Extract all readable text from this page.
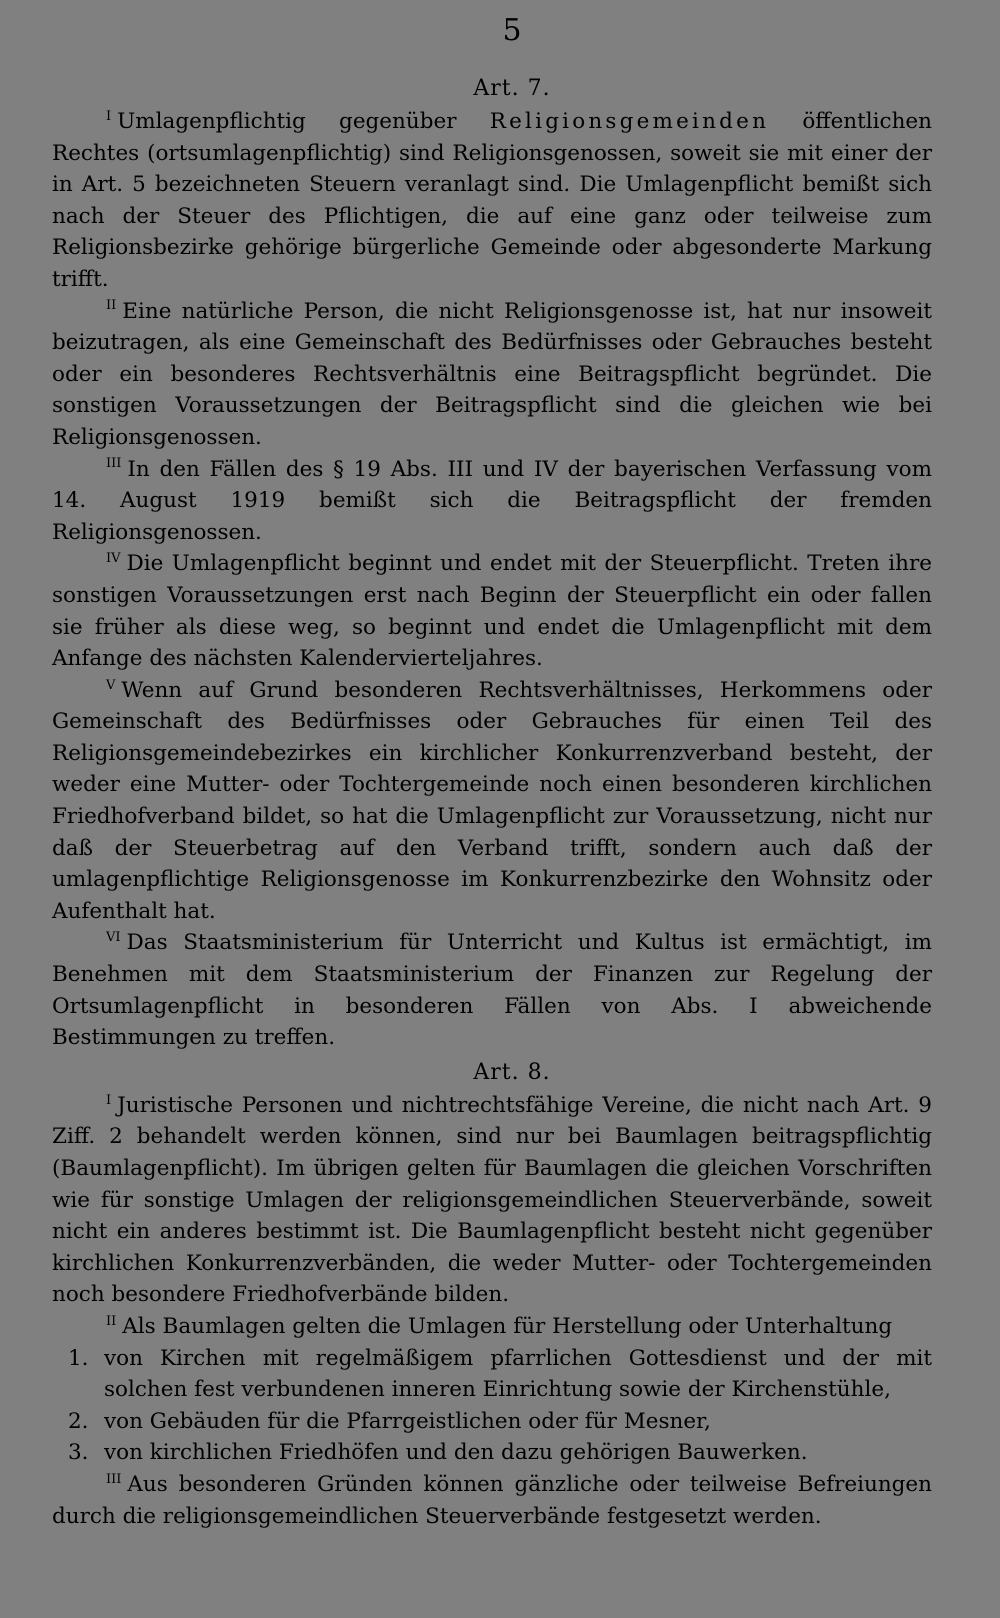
5
Art. 7.

$^I$ Umlagenpflichtig gegenüber Religionsgemeinden öffentlichen Rechtes (ortsumlagenpflichtig) sind Religionsgenossen, soweit sie mit einer der in Art. 5 bezeichneten Steuern veranlagt sind. Die Umlagenpflicht bemißt sich nach der Steuer des Pflichtigen, die auf eine ganz oder teilweise zum Religionsbezirke gehörige bürgerliche Gemeinde oder abgesonderte Markung trifft.

$^{II}$ Eine natürliche Person, die nicht Religionsgenosse ist, hat nur insoweit beizutragen, als eine Gemeinschaft des Bedürfnisses oder Gebrauches besteht oder ein besonderes Rechtsverhältnis eine Beitragspflicht begründet. Die sonstigen Voraussetzungen der Beitragspflicht sind die gleichen wie bei Religionsgenossen.

$^{III}$ In den Fällen des § 19 Abs. III und IV der bayerischen Verfassung vom 14. August 1919 bemißt sich die Beitragspflicht der fremden Religionsgenossen.

$^{IV}$ Die Umlagenpflicht beginnt und endet mit der Steuerpflicht. Treten ihre sonstigen Voraussetzungen erst nach Beginn der Steuerpflicht ein oder fallen sie früher als diese weg, so beginnt und endet die Umlagenpflicht mit dem Anfange des nächsten Kalendervierteljahres.

$^V$ Wenn auf Grund besonderen Rechtsverhältnisses, Herkommens oder Gemeinschaft des Bedürfnisses oder Gebrauches für einen Teil des Religionsgemeindebezirkes ein kirchlicher Konkurrenzverband besteht, der weder eine Mutter- oder Tochtergemeinde noch einen besonderen kirchlichen Friedhofverband bildet, so hat die Umlagenpflicht zur Voraussetzung, nicht nur daß der Steuerbetrag auf den Verband trifft, sondern auch daß der umlagenpflichtige Religionsgenosse im Konkurrenzbezirke den Wohnsitz oder Aufenthalt hat.

$^{VI}$ Das Staatsministerium für Unterricht und Kultus ist ermächtigt, im Benehmen mit dem Staatsministerium der Finanzen zur Regelung der Ortsumlagenpflicht in besonderen Fällen von Abs. I abweichende Bestimmungen zu treffen.

Art. 8.

$^I$ Juristische Personen und nichtrechtsfähige Vereine, die nicht nach Art. 9 Ziff. 2 behandelt werden können, sind nur bei Baumlagen beitragspflichtig (Baumlagenpflicht). Im übrigen gelten für Baumlagen die gleichen Vorschriften wie für sonstige Umlagen der religionsgemeindlichen Steuerverbände, soweit nicht ein anderes bestimmt ist. Die Baumlagenpflicht besteht nicht gegenüber kirchlichen Konkurrenzverbänden, die weder Mutter- oder Tochtergemeinden noch besondere Friedhofverbände bilden.

$^{II}$ Als Baumlagen gelten die Umlagen für Herstellung oder Unterhaltung

1. von Kirchen mit regelmäßigem pfarrlichen Gottesdienst und der mit solchen fest verbundenen inneren Einrichtung sowie der Kirchenstühle,
2. von Gebäuden für die Pfarrgeistlichen oder für Mesner,
3. von kirchlichen Friedhöfen und den dazu gehörigen Bauwerken.

$^{III}$ Aus besonderen Gründen können gänzliche oder teilweise Befreiungen durch die religionsgemeindlichen Steuerverbände festgesetzt werden.
